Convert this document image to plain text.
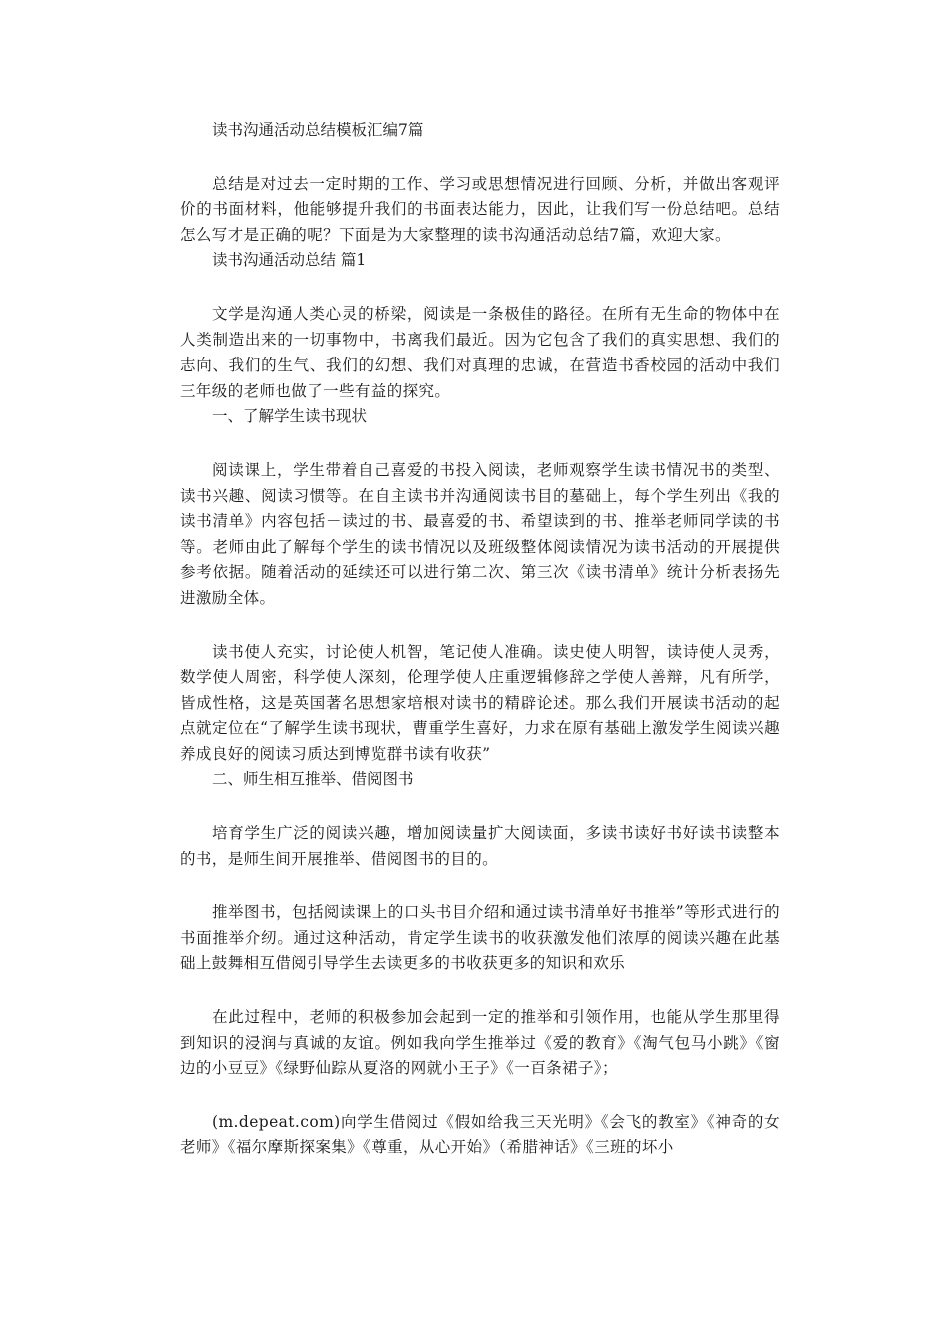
读书沟通活动总结模板汇编7篇

总结是对过去一定时期的工作、学习或思想情况进行回顾、分析，并做出客观评价的书面材料，他能够提升我们的书面表达能力，因此，让我们写一份总结吧。总结怎么写才是正确的呢？下面是为大家整理的读书沟通活动总结7篇，欢迎大家。

读书沟通活动总结 篇1

文学是沟通人类心灵的桥梁，阅读是一条极佳的路径。在所有无生命的物体中在人类制造出来的一切事物中，书离我们最近。因为它包含了我们的真实思想、我们的志向、我们的生气、我们的幻想、我们对真理的忠诚，在营造书香校园的活动中我们三年级的老师也做了一些有益的探究。

一、了解学生读书现状

阅读课上，学生带着自己喜爱的书投入阅读，老师观察学生读书情况书的类型、读书兴趣、阅读习惯等。在自主读书并沟通阅读书目的墓础上，每个学生列出《我的读书清单》内容包括－读过的书、最喜爱的书、希望读到的书、推举老师同学读的书等。老师由此了解每个学生的读书情况以及班级整体阅读情况为读书活动的开展提供参考依据。随着活动的延续还可以进行第二次、第三次《读书清单》统计分析表扬先进激励全体。

读书使人充实，讨论使人机智，笔记使人准确。读史使人明智，读诗使人灵秀，数学使人周密，科学使人深刻，伦理学使人庄重逻辑修辞之学使人善辩，凡有所学，皆成性格，这是英国著名思想家培根对读书的精辟论述。那么我们开展读书活动的起点就定位在“了解学生读书现状，曹重学生喜好，力求在原有基础上激发学生阅读兴趣养成良好的阅读习质达到博览群书读有收获”

二、师生相互推举、借阅图书

培育学生广泛的阅读兴趣，增加阅读量扩大阅读面，多读书读好书好读书读整本的书，是师生间开展推举、借阅图书的目的。

推举图书，包括阅读课上的口头书目介绍和通过读书清单好书推举”等形式进行的书面推举介纫。通过这种活动，肯定学生读书的收获激发他们浓厚的阅读兴趣在此基础上鼓舞相互借阅引导学生去读更多的书收获更多的知识和欢乐

在此过程中，老师的积极参加会起到一定的推举和引领作用，也能从学生那里得到知识的浸润与真诚的友谊。例如我向学生推举过《爱的教育》《淘气包马小跳》《窗边的小豆豆》《绿野仙踪从夏洛的网就小王子》《一百条裙子》；

(m.depeat.com)向学生借阅过《假如给我三天光明》《会飞的教室》《神奇的女老师》《福尔摩斯探案集》《尊重，从心开始》（希腊神话》《三班的坏小
